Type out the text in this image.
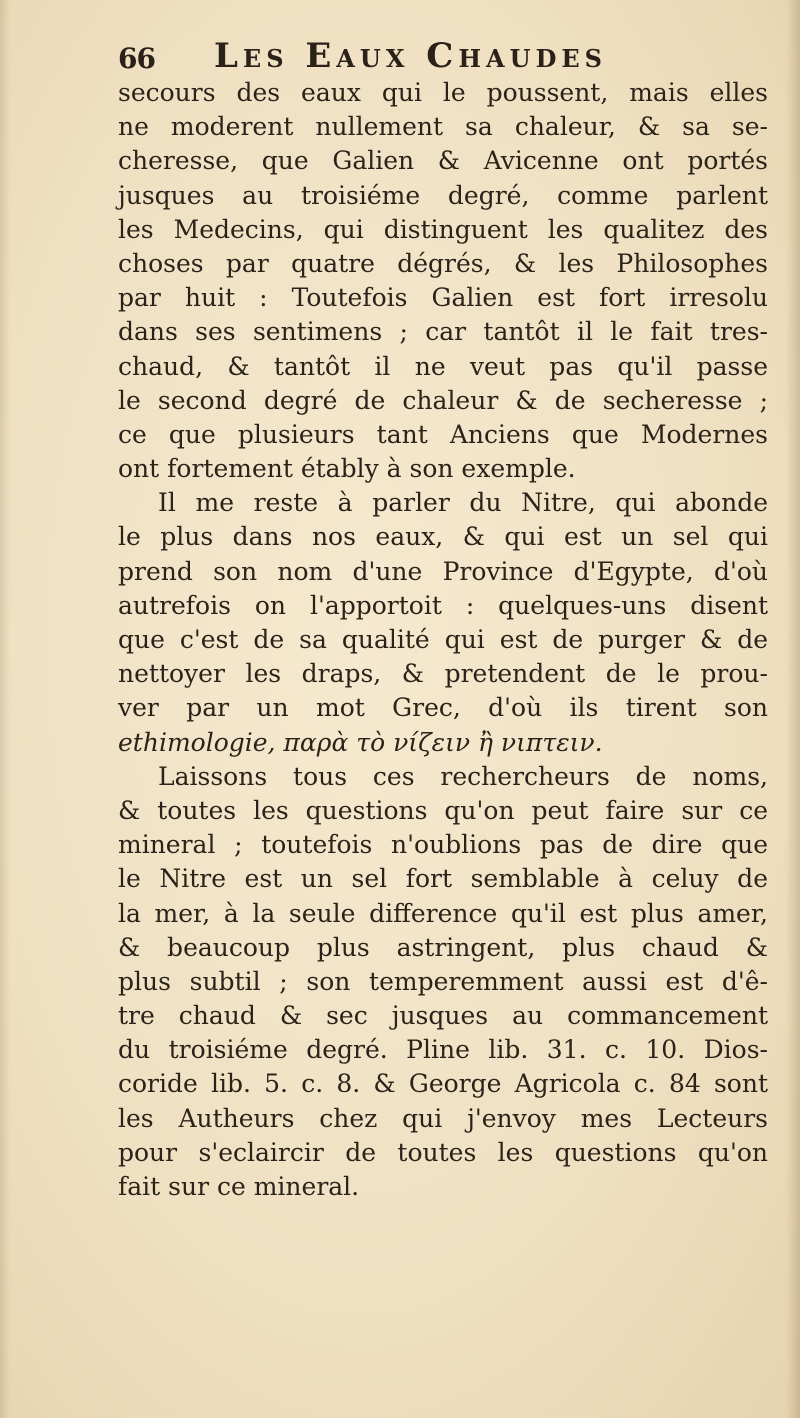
66 Les Eaux Chaudes
secours des eaux qui le poussent, mais elles
ne moderent nullement sa chaleur, & sa se-
cheresse, que Galien & Avicenne ont portés
jusques au troisiéme degré, comme parlent
les Medecins, qui distinguent les qualitez des
choses par quatre dégrés, & les Philosophes
par huit : Toutefois Galien est fort irresolu
dans ses sentimens ; car tantôt il le fait tres-
chaud, & tantôt il ne veut pas qu'il passe
le second degré de chaleur & de secheresse ;
ce que plusieurs tant Anciens que Modernes
ont fortement étably à son exemple.
Il me reste à parler du Nitre, qui abonde
le plus dans nos eaux, & qui est un sel qui
prend son nom d'une Province d'Egypte, d'où
autrefois on l'apportoit : quelques-uns disent
que c'est de sa qualité qui est de purger & de
nettoyer les draps, & pretendent de le prou-
ver par un mot Grec, d'où ils tirent son
ethimologie, παρὰ τὸ νίζειν ἢ νιπτειν.
Laissons tous ces rechercheurs de noms,
& toutes les questions qu'on peut faire sur ce
mineral ; toutefois n'oublions pas de dire que
le Nitre est un sel fort semblable à celuy de
la mer, à la seule difference qu'il est plus amer,
& beaucoup plus astringent, plus chaud &
plus subtil ; son temperemment aussi est d'ê-
tre chaud & sec jusques au commancement
du troisiéme degré. Pline lib. 31. c. 10. Dios-
coride lib. 5. c. 8. & George Agricola c. 84 sont
les Autheurs chez qui j'envoy mes Lecteurs
pour s'eclaircir de toutes les questions qu'on
fait sur ce mineral.
